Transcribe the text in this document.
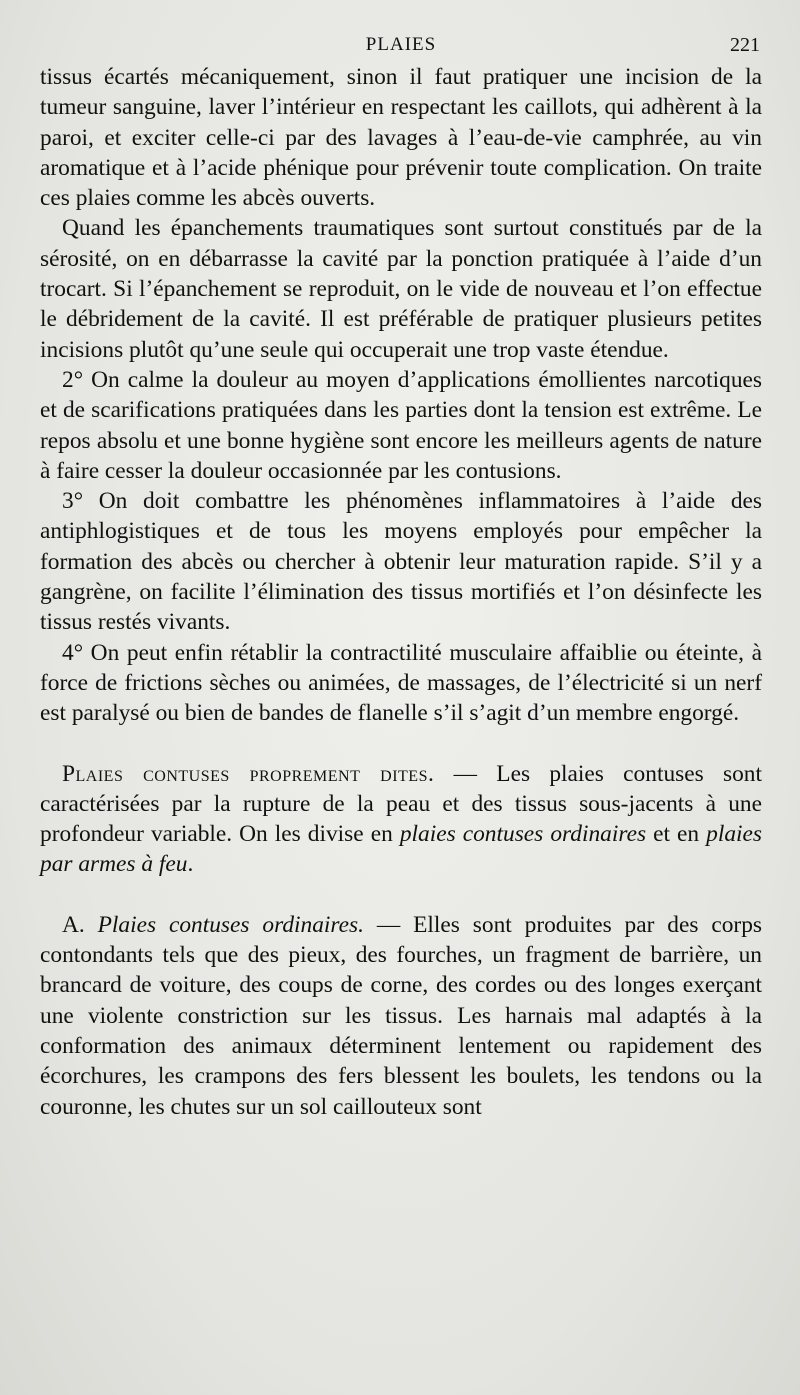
PLAIES	221

tissus écartés mécaniquement, sinon il faut pratiquer une incision de la tumeur sanguine, laver l’intérieur en respectant les caillots, qui adhèrent à la paroi, et exciter celle-ci par des lavages à l’eau-de-vie camphrée, au vin aromatique et à l’acide phénique pour prévenir toute complication. On traite ces plaies comme les abcès ouverts.

Quand les épanchements traumatiques sont surtout constitués par de la sérosité, on en débarrasse la cavité par la ponction pratiquée à l’aide d’un trocart. Si l’épanchement se reproduit, on le vide de nouveau et l’on effectue le débridement de la cavité. Il est préférable de pratiquer plusieurs petites incisions plutôt qu’une seule qui occuperait une trop vaste étendue.

2° On calme la douleur au moyen d’applications émollientes narcotiques et de scarifications pratiquées dans les parties dont la tension est extrême. Le repos absolu et une bonne hygiène sont encore les meilleurs agents de nature à faire cesser la douleur occasionnée par les contusions.

3° On doit combattre les phénomènes inflammatoires à l’aide des antiphlogistiques et de tous les moyens employés pour empêcher la formation des abcès ou chercher à obtenir leur maturation rapide. S’il y a gangrène, on facilite l’élimination des tissus mortifiés et l’on désinfecte les tissus restés vivants.

4° On peut enfin rétablir la contractilité musculaire affaiblie ou éteinte, à force de frictions sèches ou animées, de massages, de l’électricité si un nerf est paralysé ou bien de bandes de flanelle s’il s’agit d’un membre engorgé.

Plaies contuses proprement dites. — Les plaies contuses sont caractérisées par la rupture de la peau et des tissus sous-jacents à une profondeur variable. On les divise en plaies contuses ordinaires et en plaies par armes à feu.

A. Plaies contuses ordinaires. — Elles sont produites par des corps contondants tels que des pieux, des fourches, un fragment de barrière, un brancard de voiture, des coups de corne, des cordes ou des longes exerçant une violente constriction sur les tissus. Les harnais mal adaptés à la conformation des animaux déterminent lentement ou rapidement des écorchures, les crampons des fers blessent les boulets, les tendons ou la couronne, les chutes sur un sol caillouteux sont
